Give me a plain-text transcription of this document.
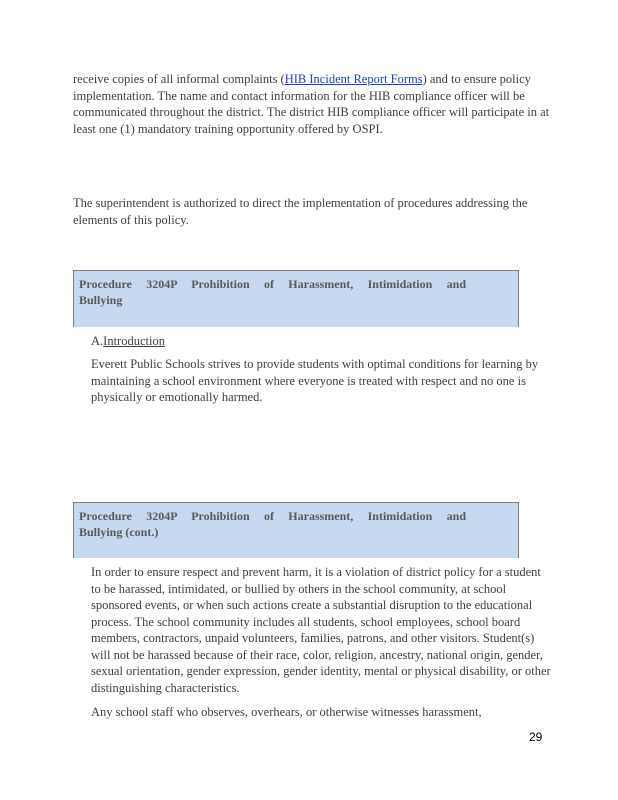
receive copies of all informal complaints (HIB Incident Report Forms) and to ensure policy implementation. The name and contact information for the HIB compliance officer will be communicated throughout the district. The district HIB compliance officer will participate in at least one (1) mandatory training opportunity offered by OSPI.

The superintendent is authorized to direct the implementation of procedures addressing the elements of this policy.

Procedure 3204P Prohibition of Harassment, Intimidation and
Bullying
A.Introduction

Everett Public Schools strives to provide students with optimal conditions for learning by maintaining a school environment where everyone is treated with respect and no one is physically or emotionally harmed.

Procedure 3204P Prohibition of Harassment, Intimidation and
Bullying (cont.)

In order to ensure respect and prevent harm, it is a violation of district policy for a student to be harassed, intimidated, or bullied by others in the school community, at school sponsored events, or when such actions create a substantial disruption to the educational process. The school community includes all students, school employees, school board members, contractors, unpaid volunteers, families, patrons, and other visitors. Student(s) will not be harassed because of their race, color, religion, ancestry, national origin, gender, sexual orientation, gender expression, gender identity, mental or physical disability, or other distinguishing characteristics.

Any school staff who observes, overhears, or otherwise witnesses harassment,

29
